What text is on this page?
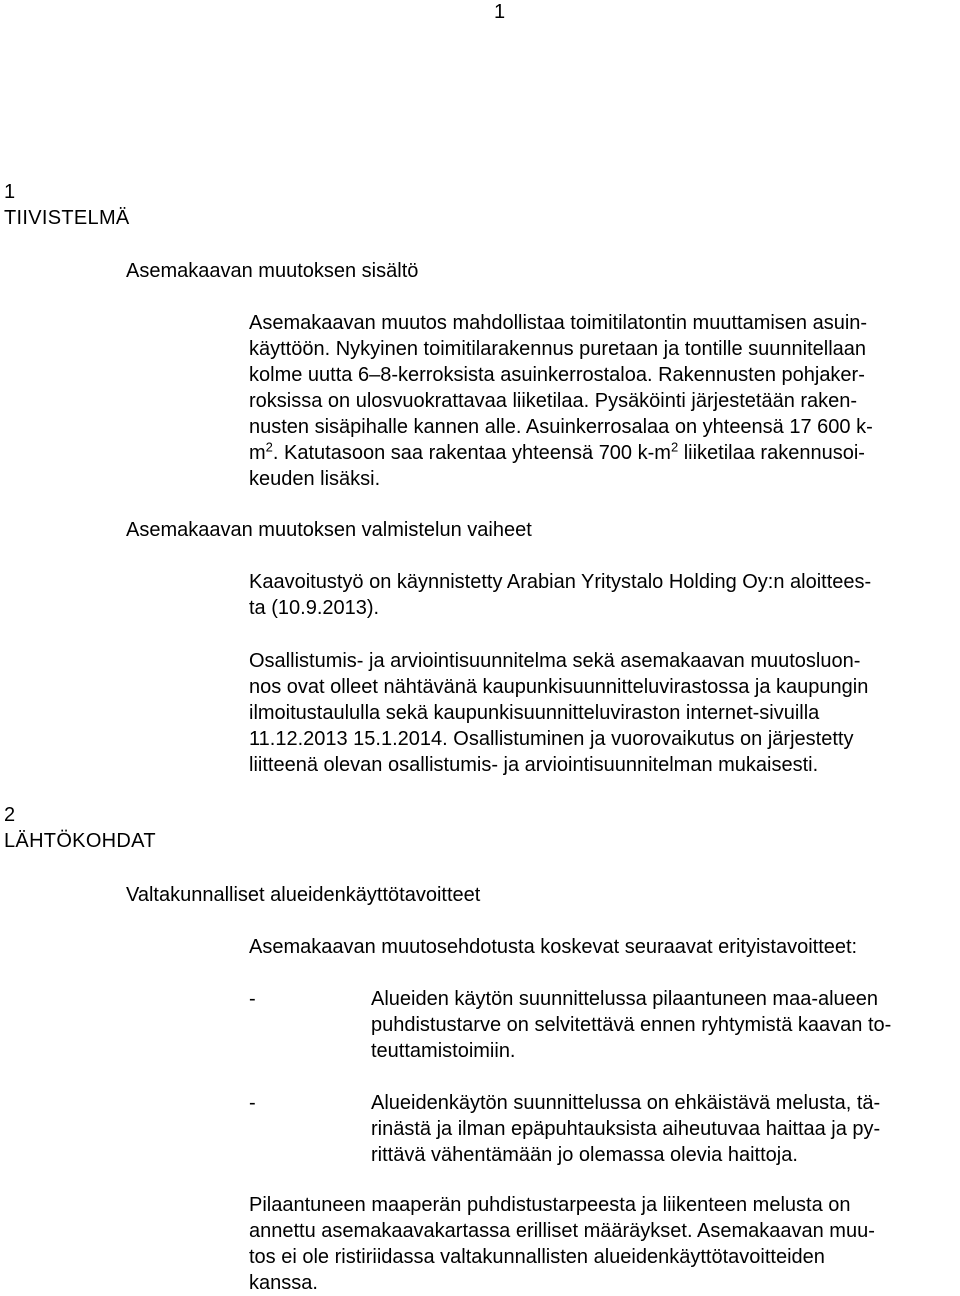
1
1
TIIVISTELMÄ
Asemakaavan muutoksen sisältö
Asemakaavan muutos mahdollistaa toimitilatontin muuttamisen asuin-
käyttöön. Nykyinen toimitilarakennus puretaan ja tontille suunnitellaan
kolme uutta 6–8-kerroksista asuinkerrostaloa. Rakennusten pohjaker-
roksissa on ulosvuokrattavaa liiketilaa. Pysäköinti järjestetään raken-
nusten sisäpihalle kannen alle. Asuinkerrosalaa on yhteensä 17 600 k-
$m^2$. Katutasoon saa rakentaa yhteensä 700 $k-m^2$ liiketilaa rakennusoi-
keuden lisäksi.
Asemakaavan muutoksen valmistelun vaiheet
Kaavoitustyö on käynnistetty Arabian Yritystalo Holding Oy:n aloittees-
ta (10.9.2013).
Osallistumis- ja arviointisuunnitelma sekä asemakaavan muutosluon-
nos ovat olleet nähtävänä kaupunkisuunnitteluvirastossa ja kaupungin
ilmoitustaululla sekä kaupunkisuunnitteluviraston internet-sivuilla
11.12.2013 15.1.2014. Osallistuminen ja vuorovaikutus on järjestetty
liitteenä olevan osallistumis- ja arviointisuunnitelman mukaisesti.
2
LÄHTÖKOHDAT
Valtakunnalliset alueidenkäyttötavoitteet
Asemakaavan muutosehdotusta koskevat seuraavat erityistavoitteet:
-	Alueiden käytön suunnittelussa pilaantuneen maa-alueen
puhdistustarve on selvitettävä ennen ryhtymistä kaavan to-
teuttamistoimiin.
-	Alueidenkäytön suunnittelussa on ehkäistävä melusta, tä-
rinästä ja ilman epäpuhtauksista aiheutuvaa haittaa ja py-
rittävä vähentämään jo olemassa olevia haittoja.
Pilaantuneen maaperän puhdistustarpeesta ja liikenteen melusta on
annettu asemakaavakartassa erilliset määräykset. Asemakaavan muu-
tos ei ole ristiriidassa valtakunnallisten alueidenkäyttötavoitteiden
kanssa.
